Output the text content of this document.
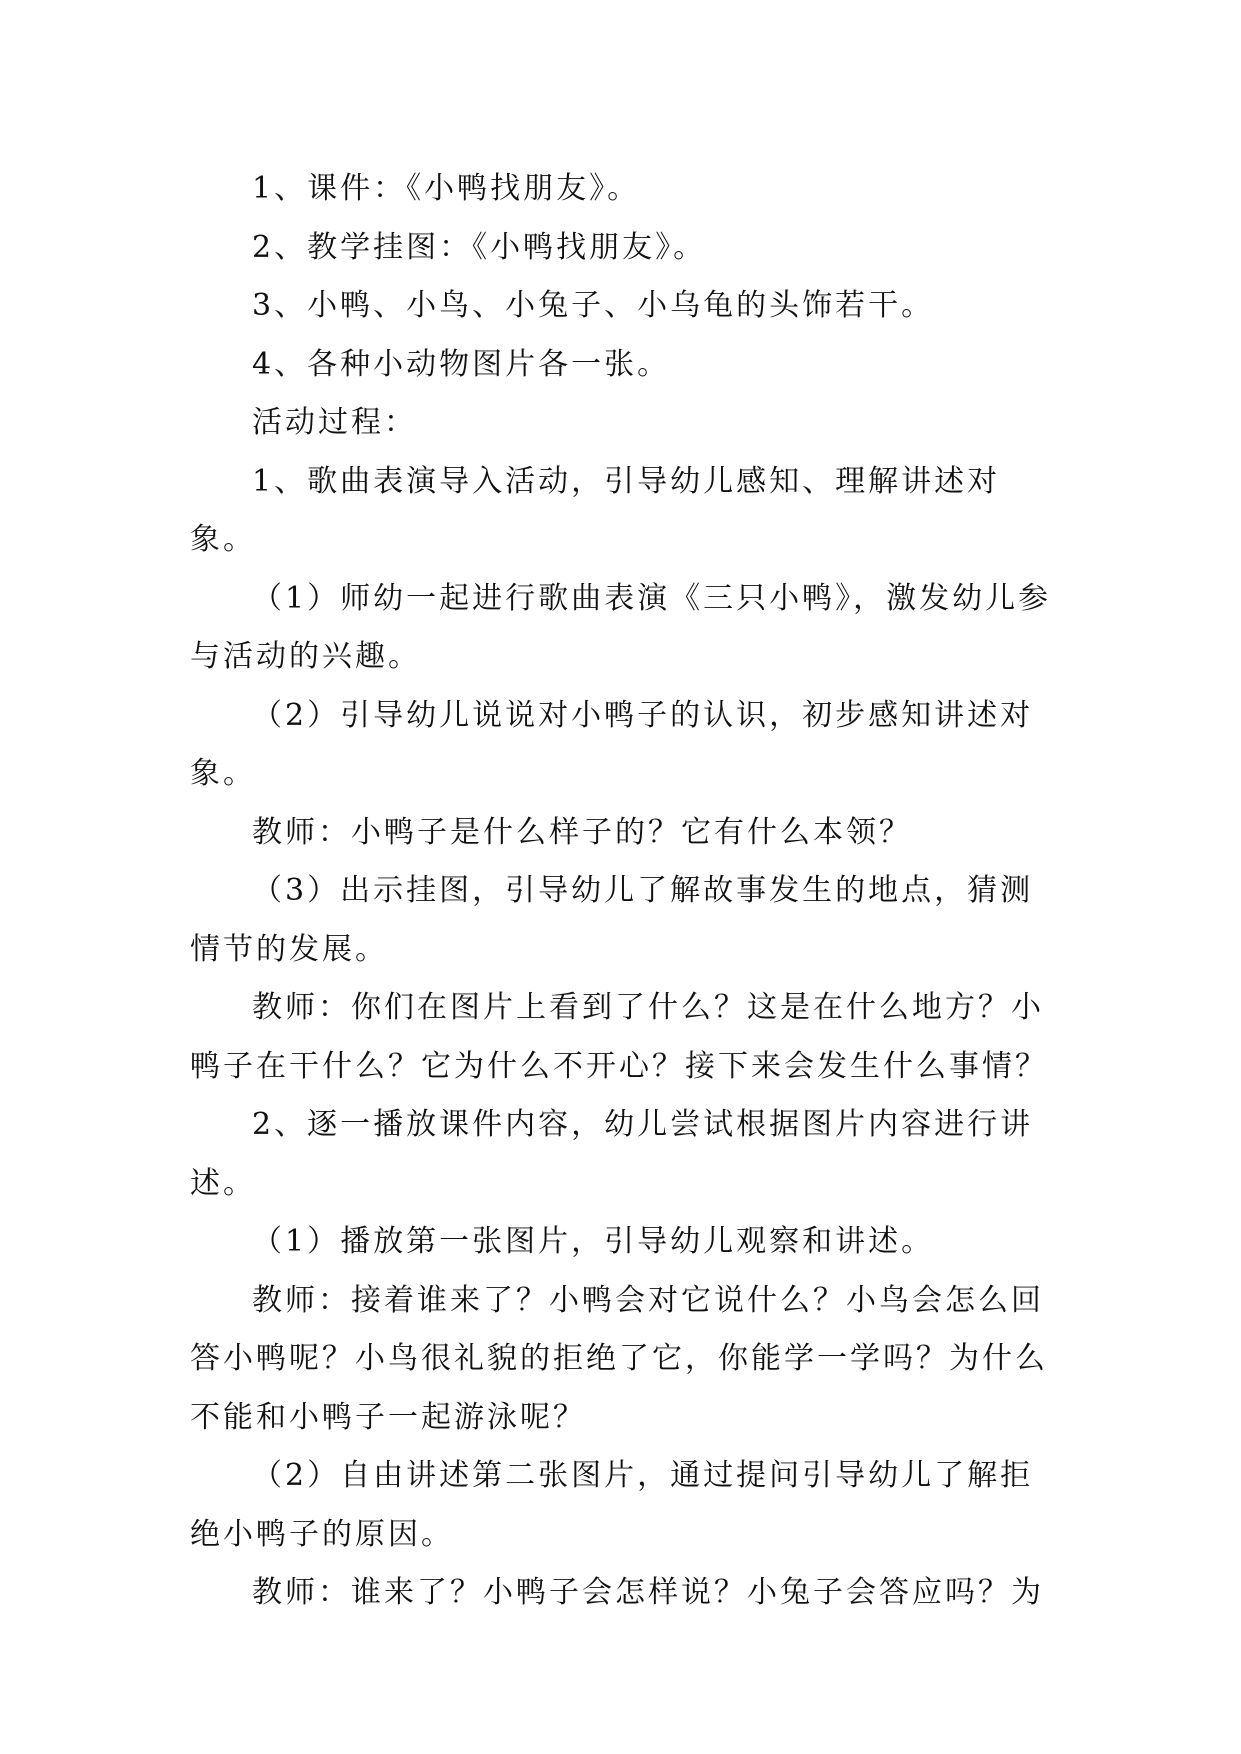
1、课件：《小鸭找朋友》。

2、教学挂图：《小鸭找朋友》。

3、小鸭、小鸟、小兔子、小乌龟的头饰若干。

4、各种小动物图片各一张。

活动过程：

1、歌曲表演导入活动，引导幼儿感知、理解讲述对象。

（1）师幼一起进行歌曲表演《三只小鸭》，激发幼儿参与活动的兴趣。

（2）引导幼儿说说对小鸭子的认识，初步感知讲述对象。

教师：小鸭子是什么样子的？它有什么本领？

（3）出示挂图，引导幼儿了解故事发生的地点，猜测情节的发展。

教师：你们在图片上看到了什么？这是在什么地方？小鸭子在干什么？它为什么不开心？接下来会发生什么事情？

2、逐一播放课件内容，幼儿尝试根据图片内容进行讲述。

（1）播放第一张图片，引导幼儿观察和讲述。

教师：接着谁来了？小鸭会对它说什么？小鸟会怎么回答小鸭呢？小鸟很礼貌的拒绝了它，你能学一学吗？为什么不能和小鸭子一起游泳呢？

（2）自由讲述第二张图片，通过提问引导幼儿了解拒绝小鸭子的原因。

教师：谁来了？小鸭子会怎样说？小兔子会答应吗？为
